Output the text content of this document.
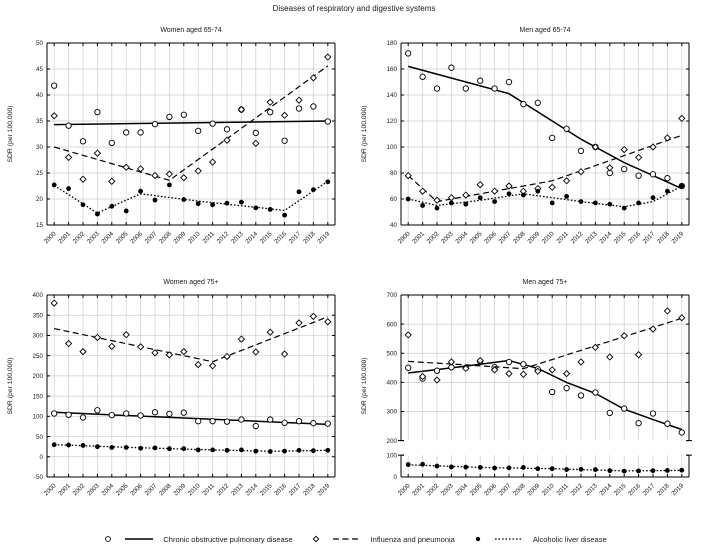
Diseases of respiratory and digestive systems
15
20
25
30
35
40
45
50
2000 2001 2002 2003 2004 2005 2006 2007 2008 2009 2010 2011 2012 2013 2014 2015 2016 2017 2018 2019
Women aged 65-74
SDR (per 100,000)
40
60
80
100
120
140
160
180
2000 2001 2002 2003 2004 2005 2006 2007 2008 2009 2010 2011 2012 2013 2014 2015 2016 2017 2018 2019
Men aged 65-74
SDR (per 100,000)
-50
0
50
100
150
200
250
300
350
400
2000 2001 2002 2003 2004 2005 2006 2007 2008 2009 2010 2011 2012 2013 2014 2015 2016 2017 2018 2019
Women aged 75+
SDR (per 100,000)
200
300
400
500
600
700
0
100
2000 2001 2002 2003 2004 2005 2006 2007 2008 2009 2010 2011 2012 2013 2014 2015 2016 2017 2018 2019
Men aged 75+
SDR (per 100,000)
Chronic obstructive pulmonary disease	Influenza and pneumonia	Alcoholic liver disease
